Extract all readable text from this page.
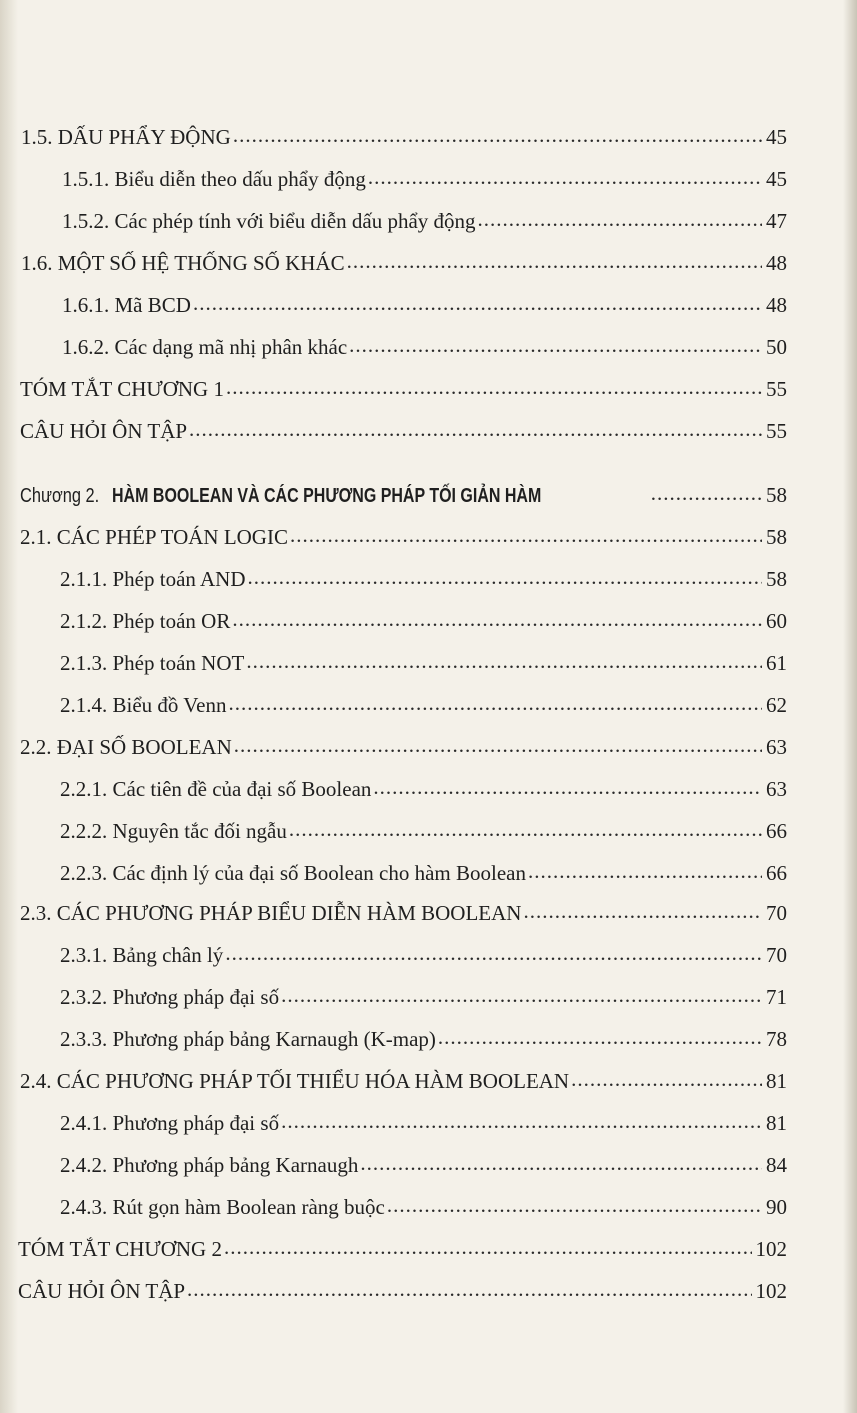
1.5. DẤU PHẨY ĐỘNG .....	45
1.5.1. Biểu diễn theo dấu phẩy động .....	45
1.5.2. Các phép tính với biểu diễn dấu phẩy động .....	47
1.6. MỘT SỐ HỆ THỐNG SỐ KHÁC .....	48
1.6.1. Mã BCD .....	48
1.6.2. Các dạng mã nhị phân khác .....	50
TÓM TẮT CHƯƠNG 1 .....	55
CÂU HỎI ÔN TẬP .....	55
Chương 2. HÀM BOOLEAN VÀ CÁC PHƯƠNG PHÁP TỐI GIẢN HÀM .....	58
2.1. CÁC PHÉP TOÁN LOGIC .....	58
2.1.1. Phép toán AND .....	58
2.1.2. Phép toán OR .....	60
2.1.3. Phép toán NOT .....	61
2.1.4. Biểu đồ Venn .....	62
2.2. ĐẠI SỐ BOOLEAN .....	63
2.2.1. Các tiên đề của đại số Boolean .....	63
2.2.2. Nguyên tắc đối ngẫu .....	66
2.2.3. Các định lý của đại số Boolean cho hàm Boolean .....	66
2.3. CÁC PHƯƠNG PHÁP BIỂU DIỄN HÀM BOOLEAN .....	70
2.3.1. Bảng chân lý .....	70
2.3.2. Phương pháp đại số .....	71
2.3.3. Phương pháp bảng Karnaugh (K-map) .....	78
2.4. CÁC PHƯƠNG PHÁP TỐI THIỂU HÓA HÀM BOOLEAN .....	81
2.4.1. Phương pháp đại số .....	81
2.4.2. Phương pháp bảng Karnaugh .....	84
2.4.3. Rút gọn hàm Boolean ràng buộc .....	90
TÓM TẮT CHƯƠNG 2 .....	102
CÂU HỎI ÔN TẬP .....	102
